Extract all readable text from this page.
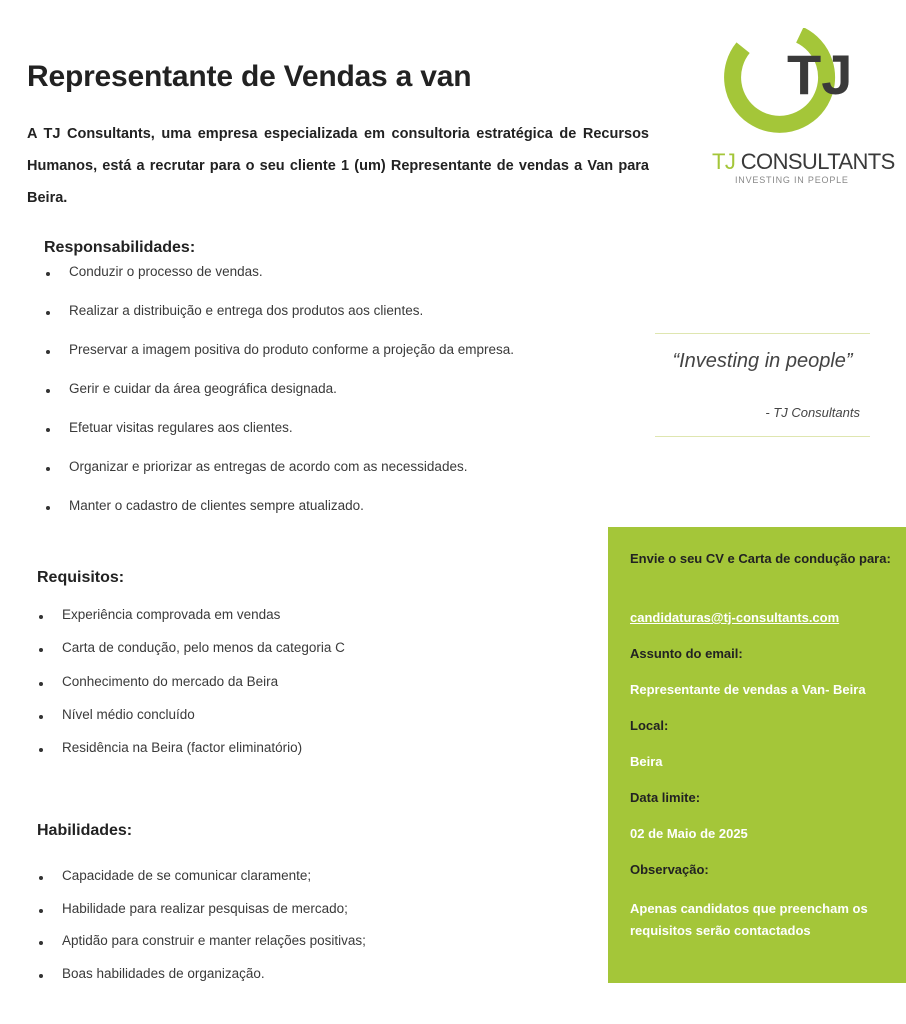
Representante de Vendas a van

A TJ Consultants, uma empresa especializada em consultoria estratégica de Recursos Humanos, está a recrutar para o seu cliente 1 (um) Representante de vendas a Van para Beira.

TJ
TJ CONSULTANTS
INVESTING IN PEOPLE
Responsabilidades:
Conduzir o processo de vendas.
Realizar a distribuição e entrega dos produtos aos clientes.
Preservar a imagem positiva do produto conforme a projeção da empresa.
Gerir e cuidar da área geográfica designada.
Efetuar visitas regulares aos clientes.
Organizar e priorizar as entregas de acordo com as necessidades.
Manter o cadastro de clientes sempre atualizado.
“Investing in people”
- TJ Consultants
Requisitos:
Experiência comprovada em vendas
Carta de condução, pelo menos da categoria C
Conhecimento do mercado da Beira
Nível médio concluído
Residência na Beira (factor eliminatório)
Habilidades:
Capacidade de se comunicar claramente;
Habilidade para realizar pesquisas de mercado;
Aptidão para construir e manter relações positivas;
Boas habilidades de organização.

Envie o seu CV e Carta de condução para:

candidaturas@tj-consultants.com

Assunto do email:

Representante de vendas a Van- Beira

Local:

Beira

Data limite:

02 de Maio de 2025

Observação:

Apenas candidatos que preencham os requisitos serão contactados
